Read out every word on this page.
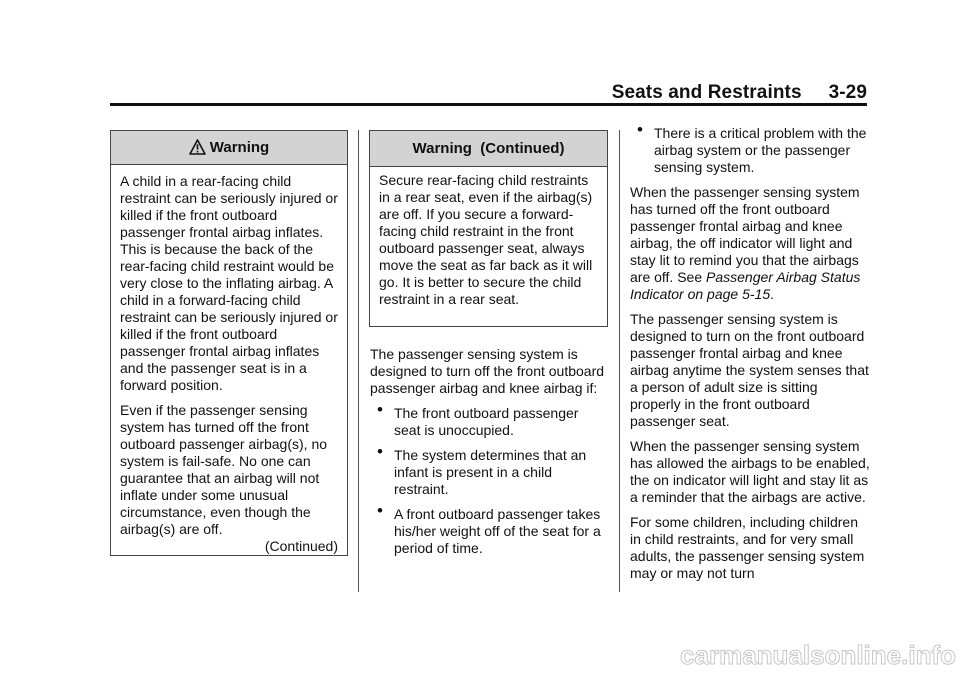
Seats and Restraints 3-29
Warning

A child in a rear-facing child restraint can be seriously injured or killed if the front outboard passenger frontal airbag inflates. This is because the back of the rear-facing child restraint would be very close to the inflating airbag. A child in a forward-facing child restraint can be seriously injured or killed if the front outboard passenger frontal airbag inflates and the passenger seat is in a forward position.

Even if the passenger sensing system has turned off the front outboard passenger airbag(s), no system is fail-safe. No one can guarantee that an airbag will not inflate under some unusual circumstance, even though the airbag(s) are off.

(Continued)

Warning  (Continued)

Secure rear-facing child restraints in a rear seat, even if the airbag(s) are off. If you secure a forward-facing child restraint in the front outboard passenger seat, always move the seat as far back as it will go. It is better to secure the child restraint in a rear seat.

The passenger sensing system is designed to turn off the front outboard passenger airbag and knee airbag if:

• The front outboard passenger seat is unoccupied.
• The system determines that an infant is present in a child restraint.
• A front outboard passenger takes his/her weight off of the seat for a period of time.
• There is a critical problem with the airbag system or the passenger sensing system.

When the passenger sensing system has turned off the front outboard passenger frontal airbag and knee airbag, the off indicator will light and stay lit to remind you that the airbags are off. See Passenger Airbag Status Indicator on page 5-15.

The passenger sensing system is designed to turn on the front outboard passenger frontal airbag and knee airbag anytime the system senses that a person of adult size is sitting properly in the front outboard passenger seat.

When the passenger sensing system has allowed the airbags to be enabled, the on indicator will light and stay lit as a reminder that the airbags are active.

For some children, including children in child restraints, and for very small adults, the passenger sensing system may or may not turn

carmanualsonline.info
